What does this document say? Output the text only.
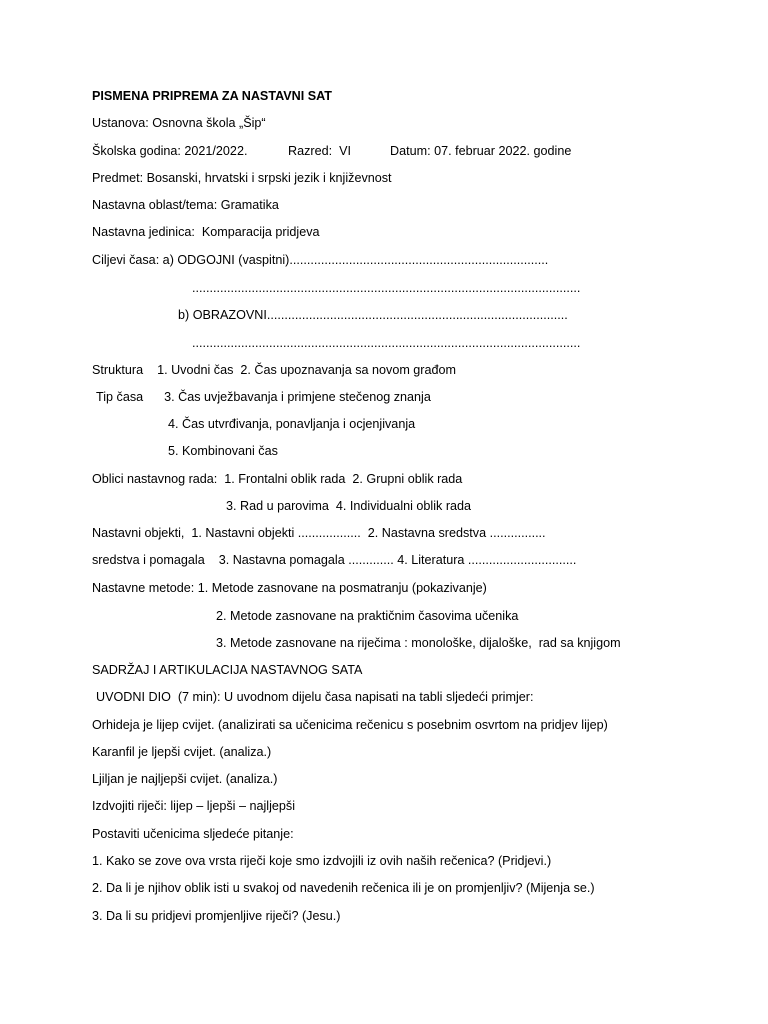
PISMENA PRIPREMA ZA NASTAVNI SAT
Ustanova: Osnovna škola „Šip“
Školska godina: 2021/2022.	Razred:  VI	Datum: 07. februar 2022. godine
Predmet: Bosanski, hrvatski i srpski jezik i književnost
Nastavna oblast/tema: Gramatika
Nastavna jedinica:  Komparacija pridjeva
Ciljevi časa: a) ODGOJNI (vaspitni)..........................................................................
...............................................................................................................
b) OBRAZOVNI......................................................................................
...............................................................................................................
Struktura    1. Uvodni čas  2. Čas upoznavanja sa novom građom
Tip časa      3. Čas uvježbavanja i primjene stečenog znanja
4. Čas utvrđivanja, ponavljanja i ocjenjivanja
5. Kombinovani čas
Oblici nastavnog rada:  1. Frontalni oblik rada  2. Grupni oblik rada
3. Rad u parovima  4. Individualni oblik rada
Nastavni objekti,  1. Nastavni objekti ..................  2. Nastavna sredstva ................
sredstva i pomagala    3. Nastavna pomagala ............. 4. Literatura ...............................
Nastavne metode: 1. Metode zasnovane na posmatranju (pokazivanje)
2. Metode zasnovane na praktičnim časovima učenika
3. Metode zasnovane na riječima : monološke, dijaloške,  rad sa knjigom
SADRŽAJ I ARTIKULACIJA NASTAVNOG SATA
UVODNI DIO  (7 min): U uvodnom dijelu časa napisati na tabli sljedeći primjer:
Orhideja je lijep cvijet. (analizirati sa učenicima rečenicu s posebnim osvrtom na pridjev lijep)
Karanfil je ljepši cvijet. (analiza.)
Ljiljan je najljepši cvijet. (analiza.)
Izdvojiti riječi: lijep – ljepši – najljepši
Postaviti učenicima sljedeće pitanje:
1. Kako se zove ova vrsta riječi koje smo izdvojili iz ovih naših rečenica? (Pridjevi.)
2. Da li je njihov oblik isti u svakoj od navedenih rečenica ili je on promjenljiv? (Mijenja se.)
3. Da li su pridjevi promjenljive riječi? (Jesu.)
